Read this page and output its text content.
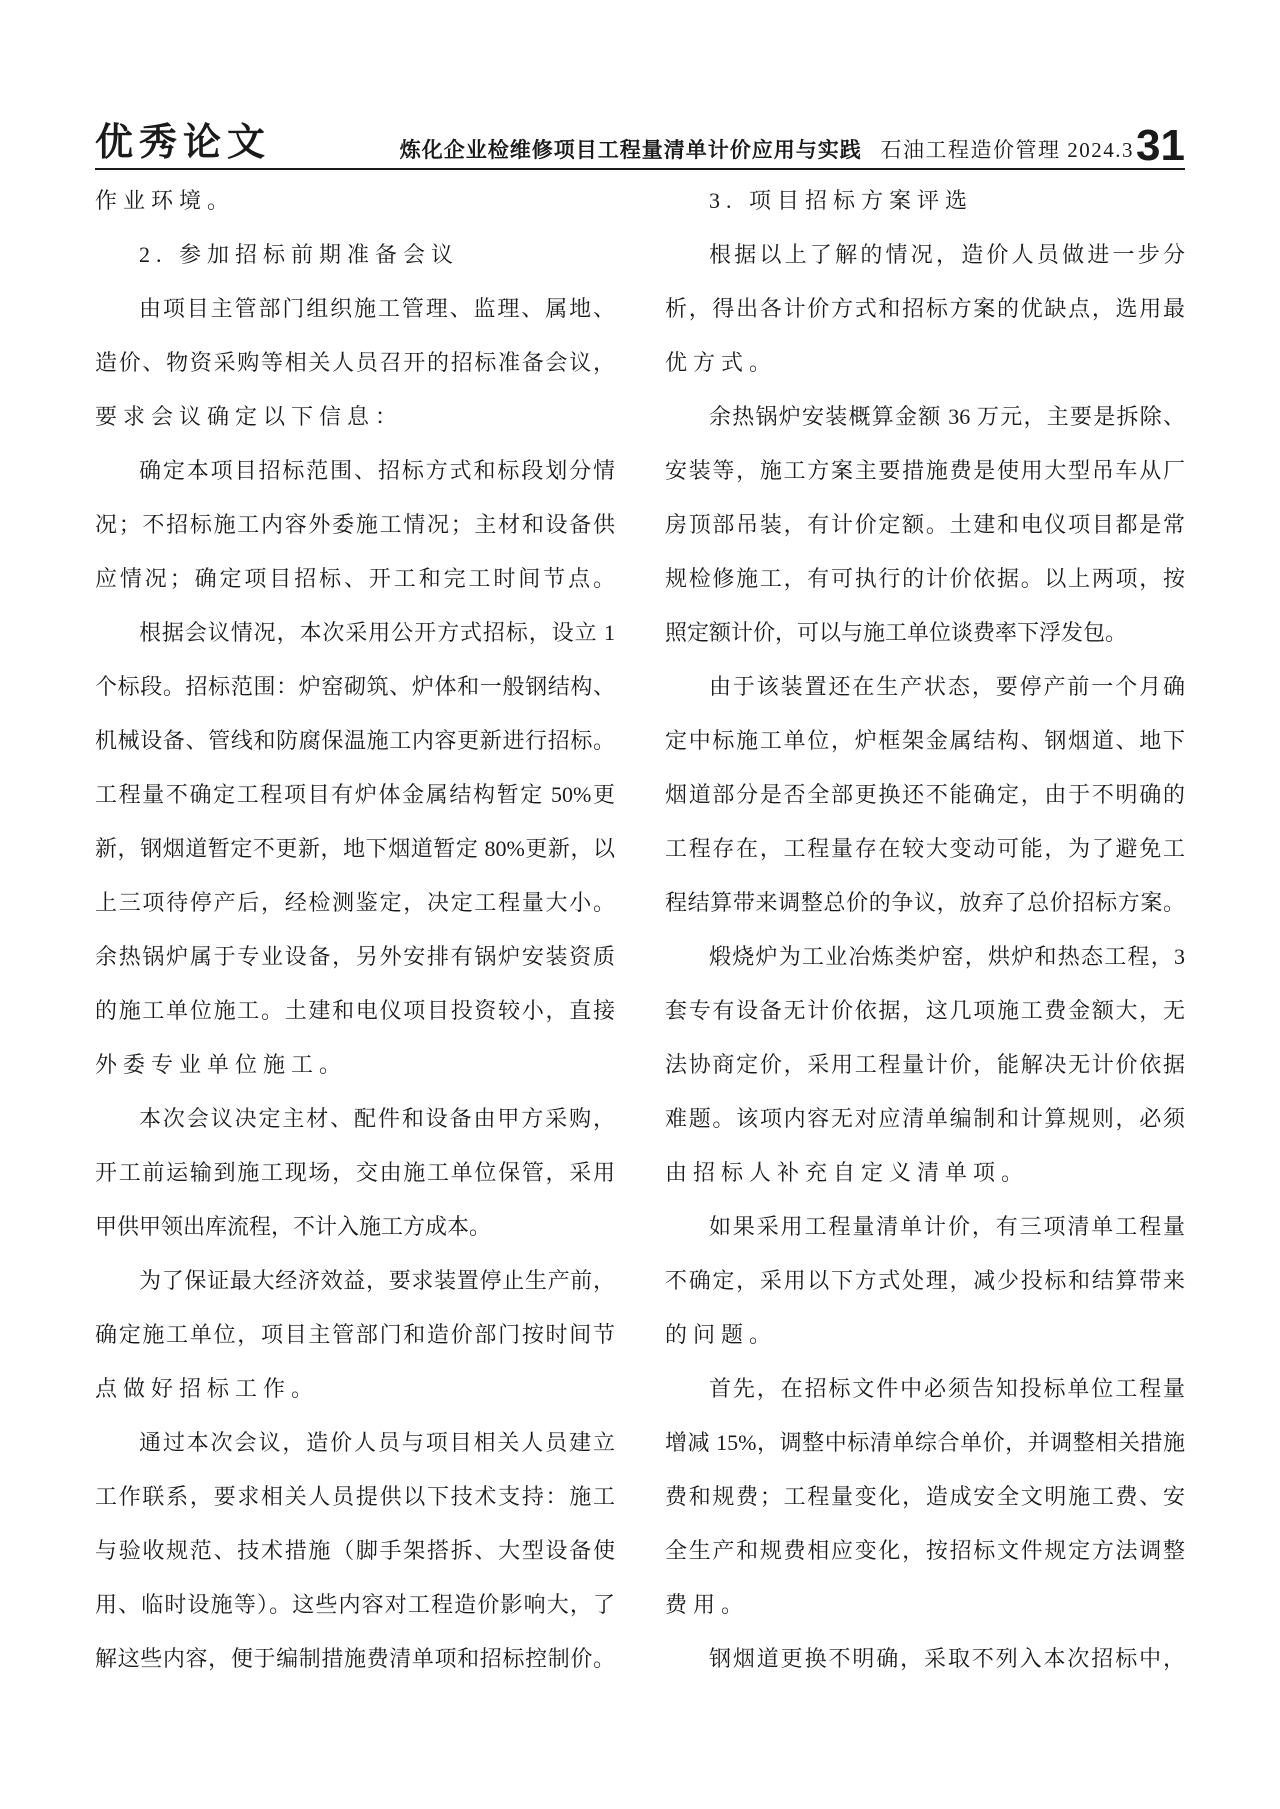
优秀论文	炼化企业检维修项目工程量清单计价应用与实践 石油工程造价管理 2024.3 31
作业环境。
2. 参加招标前期准备会议
由项目主管部门组织施工管理、监理、属地、
造价、物资采购等相关人员召开的招标准备会议，
要求会议确定以下信息：
确定本项目招标范围、招标方式和标段划分情
况；不招标施工内容外委施工情况；主材和设备供
应情况；确定项目招标、开工和完工时间节点。
根据会议情况，本次采用公开方式招标，设立 1
个标段。招标范围：炉窑砌筑、炉体和一般钢结构、
机械设备、管线和防腐保温施工内容更新进行招标。
工程量不确定工程项目有炉体金属结构暂定 50%更
新，钢烟道暂定不更新，地下烟道暂定 80%更新，以
上三项待停产后，经检测鉴定，决定工程量大小。
余热锅炉属于专业设备，另外安排有锅炉安装资质
的施工单位施工。土建和电仪项目投资较小，直接
外委专业单位施工。
本次会议决定主材、配件和设备由甲方采购，
开工前运输到施工现场，交由施工单位保管，采用
甲供甲领出库流程，不计入施工方成本。
为了保证最大经济效益，要求装置停止生产前，
确定施工单位，项目主管部门和造价部门按时间节
点做好招标工作。
通过本次会议，造价人员与项目相关人员建立
工作联系，要求相关人员提供以下技术支持：施工
与验收规范、技术措施（脚手架搭拆、大型设备使
用、临时设施等）。这些内容对工程造价影响大，了
解这些内容，便于编制措施费清单项和招标控制价。
3. 项目招标方案评选
根据以上了解的情况，造价人员做进一步分
析，得出各计价方式和招标方案的优缺点，选用最
优方式。
余热锅炉安装概算金额 36 万元，主要是拆除、
安装等，施工方案主要措施费是使用大型吊车从厂
房顶部吊装，有计价定额。土建和电仪项目都是常
规检修施工，有可执行的计价依据。以上两项，按
照定额计价，可以与施工单位谈费率下浮发包。
由于该装置还在生产状态，要停产前一个月确
定中标施工单位，炉框架金属结构、钢烟道、地下
烟道部分是否全部更换还不能确定，由于不明确的
工程存在，工程量存在较大变动可能，为了避免工
程结算带来调整总价的争议，放弃了总价招标方案。
煅烧炉为工业冶炼类炉窑，烘炉和热态工程，3
套专有设备无计价依据，这几项施工费金额大，无
法协商定价，采用工程量计价，能解决无计价依据
难题。该项内容无对应清单编制和计算规则，必须
由招标人补充自定义清单项。
如果采用工程量清单计价，有三项清单工程量
不确定，采用以下方式处理，减少投标和结算带来
的问题。
首先，在招标文件中必须告知投标单位工程量
增减 15%，调整中标清单综合单价，并调整相关措施
费和规费；工程量变化，造成安全文明施工费、安
全生产和规费相应变化，按招标文件规定方法调整
费用。
钢烟道更换不明确，采取不列入本次招标中，
